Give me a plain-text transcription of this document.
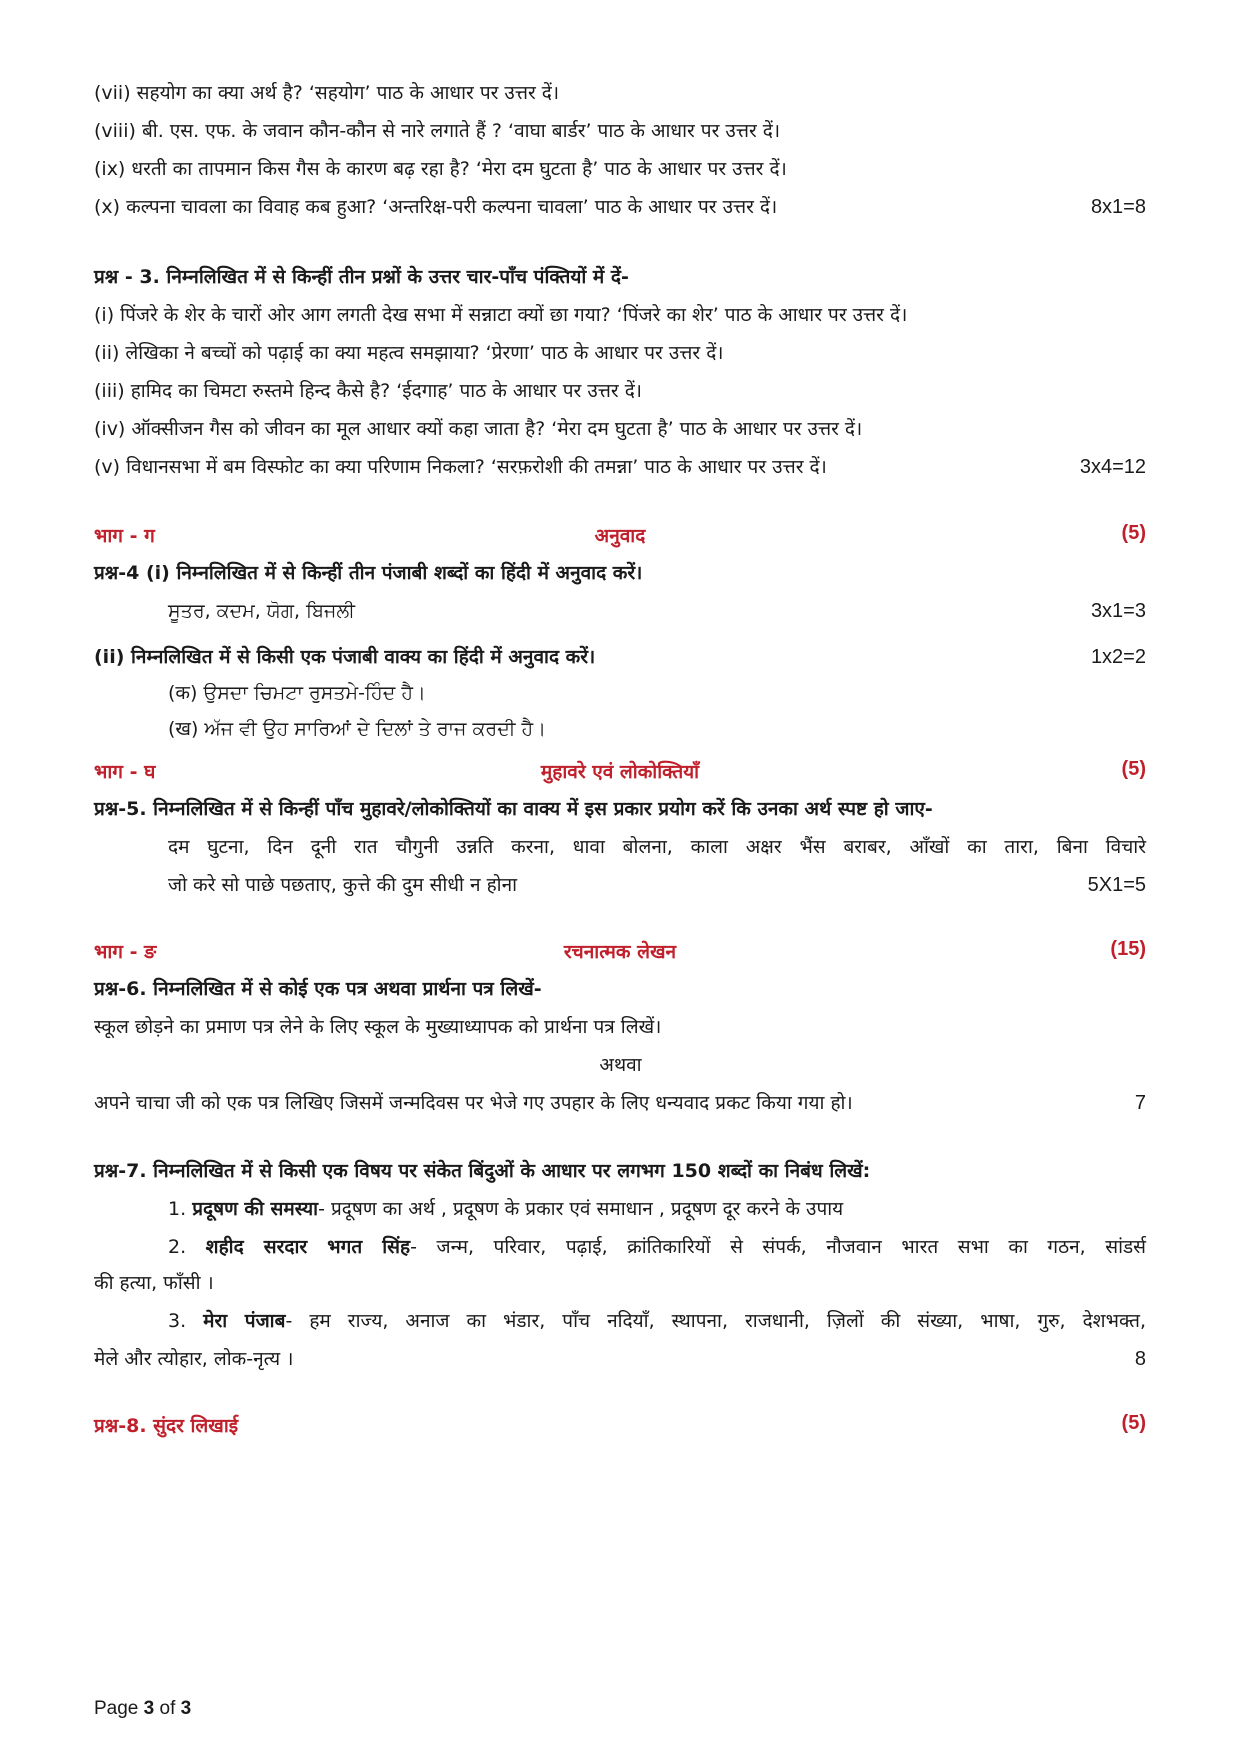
(vii) सहयोग का क्या अर्थ है? ‘सहयोग’ पाठ के आधार पर उत्तर दें।
(viii) बी. एस. एफ. के जवान कौन-कौन से नारे लगाते हैं ? ‘वाघा बार्डर’ पाठ के आधार पर उत्तर दें।
(ix) धरती का तापमान किस गैस के कारण बढ़ रहा है? ‘मेरा दम घुटता है’ पाठ के आधार पर उत्तर दें।
(x) कल्पना चावला का विवाह कब हुआ? ‘अन्तरिक्ष-परी कल्पना चावला’ पाठ के आधार पर उत्तर दें।	8x1=8
प्रश्न - 3. निम्नलिखित में से किन्हीं तीन प्रश्नों के उत्तर चार-पाँच पंक्तियों में दें-
(i) पिंजरे के शेर के चारों ओर आग लगती देख सभा में सन्नाटा क्यों छा गया? ‘पिंजरे का शेर’ पाठ के आधार पर उत्तर दें।
(ii) लेखिका ने बच्चों को पढ़ाई का क्या महत्व समझाया? ‘प्रेरणा’ पाठ के आधार पर उत्तर दें।
(iii) हामिद का चिमटा रुस्तमे हिन्द कैसे है? ‘ईदगाह’ पाठ के आधार पर उत्तर दें।
(iv) ऑक्सीजन गैस को जीवन का मूल आधार क्यों कहा जाता है? ‘मेरा दम घुटता है’ पाठ के आधार पर उत्तर दें।
(v) विधानसभा में बम विस्फोट का क्या परिणाम निकला? ‘सरफ़रोशी की तमन्ना’ पाठ के आधार पर उत्तर दें।	3x4=12
भाग - ग	अनुवाद	(5)
प्रश्न-4 (i) निम्नलिखित में से किन्हीं तीन पंजाबी शब्दों का हिंदी में अनुवाद करें।
ਸੂਤਰ, ਕਦਮ, ਯੋਗ, ਬਿਜਲੀ	3x1=3
(ii) निम्नलिखित में से किसी एक पंजाबी वाक्य का हिंदी में अनुवाद करें।	1x2=2
(क) ਉਸਦਾ ਚਿਮਟਾ ਰੁਸਤਮੇ-ਹਿੰਦ ਹੈ।
(ख) ਅੱਜ ਵੀ ਉਹ ਸਾਰਿਆਂ ਦੇ ਦਿਲਾਂ ਤੇ ਰਾਜ ਕਰਦੀ ਹੈ।
भाग - घ	मुहावरे एवं लोकोक्तियाँ	(5)
प्रश्न-5. निम्नलिखित में से किन्हीं पाँच मुहावरे/लोकोक्तियों का वाक्य में इस प्रकार प्रयोग करें कि उनका अर्थ स्पष्ट हो जाए-
दम घुटना, दिन दूनी रात चौगुनी उन्नति करना, धावा बोलना, काला अक्षर भैंस बराबर, आँखों का तारा, बिना विचारे
जो करे सो पाछे पछताए, कुत्ते की दुम सीधी न होना	5X1=5
भाग - ङ	रचनात्मक लेखन	(15)
प्रश्न-6. निम्नलिखित में से कोई एक पत्र अथवा प्रार्थना पत्र लिखें-
स्कूल छोड़ने का प्रमाण पत्र लेने के लिए स्कूल के मुख्याध्यापक को प्रार्थना पत्र लिखें।
अथवा
अपने चाचा जी को एक पत्र लिखिए जिसमें जन्मदिवस पर भेजे गए उपहार के लिए धन्यवाद प्रकट किया गया हो।	7
प्रश्न-7. निम्नलिखित में से किसी एक विषय पर संकेत बिंदुओं के आधार पर लगभग 150 शब्दों का निबंध लिखें:
1. प्रदूषण की समस्या- प्रदूषण का अर्थ , प्रदूषण के प्रकार एवं समाधान , प्रदूषण दूर करने के उपाय
2. शहीद सरदार भगत सिंह- जन्म, परिवार, पढ़ाई, क्रांतिकारियों से संपर्क, नौजवान भारत सभा का गठन, सांडर्स
की हत्या, फाँसी ।
3. मेरा पंजाब- हम राज्य, अनाज का भंडार, पाँच नदियाँ, स्थापना, राजधानी, ज़िलों की संख्या, भाषा, गुरु, देशभक्त,
मेले और त्योहार, लोक-नृत्य ।	8
प्रश्न-8. सुंदर लिखाई	(5)
Page 3 of 3
